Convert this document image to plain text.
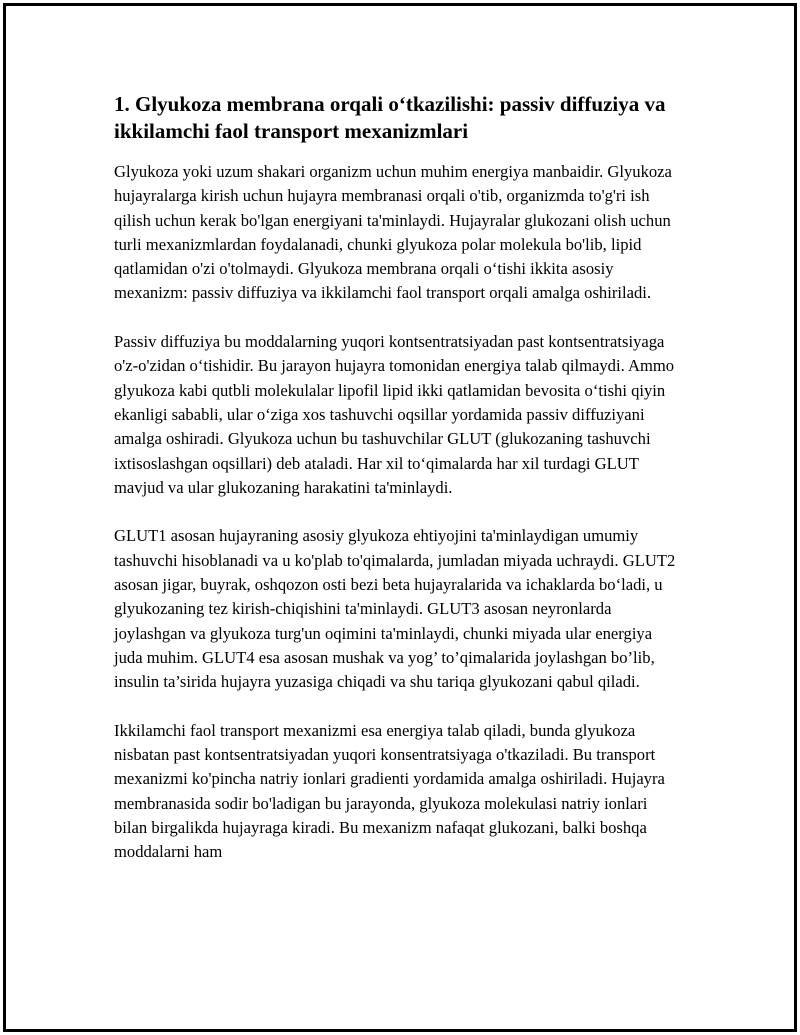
1. Glyukoza membrana orqali o‘tkazilishi: passiv diffuziya va ikkilamchi faol transport mexanizmlari

Glyukoza yoki uzum shakari organizm uchun muhim energiya manbaidir. Glyukoza hujayralarga kirish uchun hujayra membranasi orqali o'tib, organizmda to'g'ri ish qilish uchun kerak bo'lgan energiyani ta'minlaydi. Hujayralar glukozani olish uchun turli mexanizmlardan foydalanadi, chunki glyukoza polar molekula bo'lib, lipid qatlamidan o'zi o'tolmaydi. Glyukoza membrana orqali o‘tishi ikkita asosiy mexanizm: passiv diffuziya va ikkilamchi faol transport orqali amalga oshiriladi.

Passiv diffuziya bu moddalarning yuqori kontsentratsiyadan past kontsentratsiyaga o'z-o'zidan o‘tishidir. Bu jarayon hujayra tomonidan energiya talab qilmaydi. Ammo glyukoza kabi qutbli molekulalar lipofil lipid ikki qatlamidan bevosita o‘tishi qiyin ekanligi sababli, ular o‘ziga xos tashuvchi oqsillar yordamida passiv diffuziyani amalga oshiradi. Glyukoza uchun bu tashuvchilar GLUT (glukozaning tashuvchi ixtisoslashgan oqsillari) deb ataladi. Har xil to‘qimalarda har xil turdagi GLUT mavjud va ular glukozaning harakatini ta'minlaydi.

GLUT1 asosan hujayraning asosiy glyukoza ehtiyojini ta'minlaydigan umumiy tashuvchi hisoblanadi va u ko'plab to'qimalarda, jumladan miyada uchraydi. GLUT2 asosan jigar, buyrak, oshqozon osti bezi beta hujayralarida va ichaklarda bo‘ladi, u glyukozaning tez kirish-chiqishini ta'minlaydi. GLUT3 asosan neyronlarda joylashgan va glyukoza turg'un oqimini ta'minlaydi, chunki miyada ular energiya juda muhim. GLUT4 esa asosan mushak va yog’ to’qimalarida joylashgan bo’lib, insulin ta’sirida hujayra yuzasiga chiqadi va shu tariqa glyukozani qabul qiladi.

Ikkilamchi faol transport mexanizmi esa energiya talab qiladi, bunda glyukoza nisbatan past kontsentratsiyadan yuqori konsentratsiyaga o'tkaziladi. Bu transport mexanizmi ko'pincha natriy ionlari gradienti yordamida amalga oshiriladi. Hujayra membranasida sodir bo'ladigan bu jarayonda, glyukoza molekulasi natriy ionlari bilan birgalikda hujayraga kiradi. Bu mexanizm nafaqat glukozani, balki boshqa moddalarni ham
